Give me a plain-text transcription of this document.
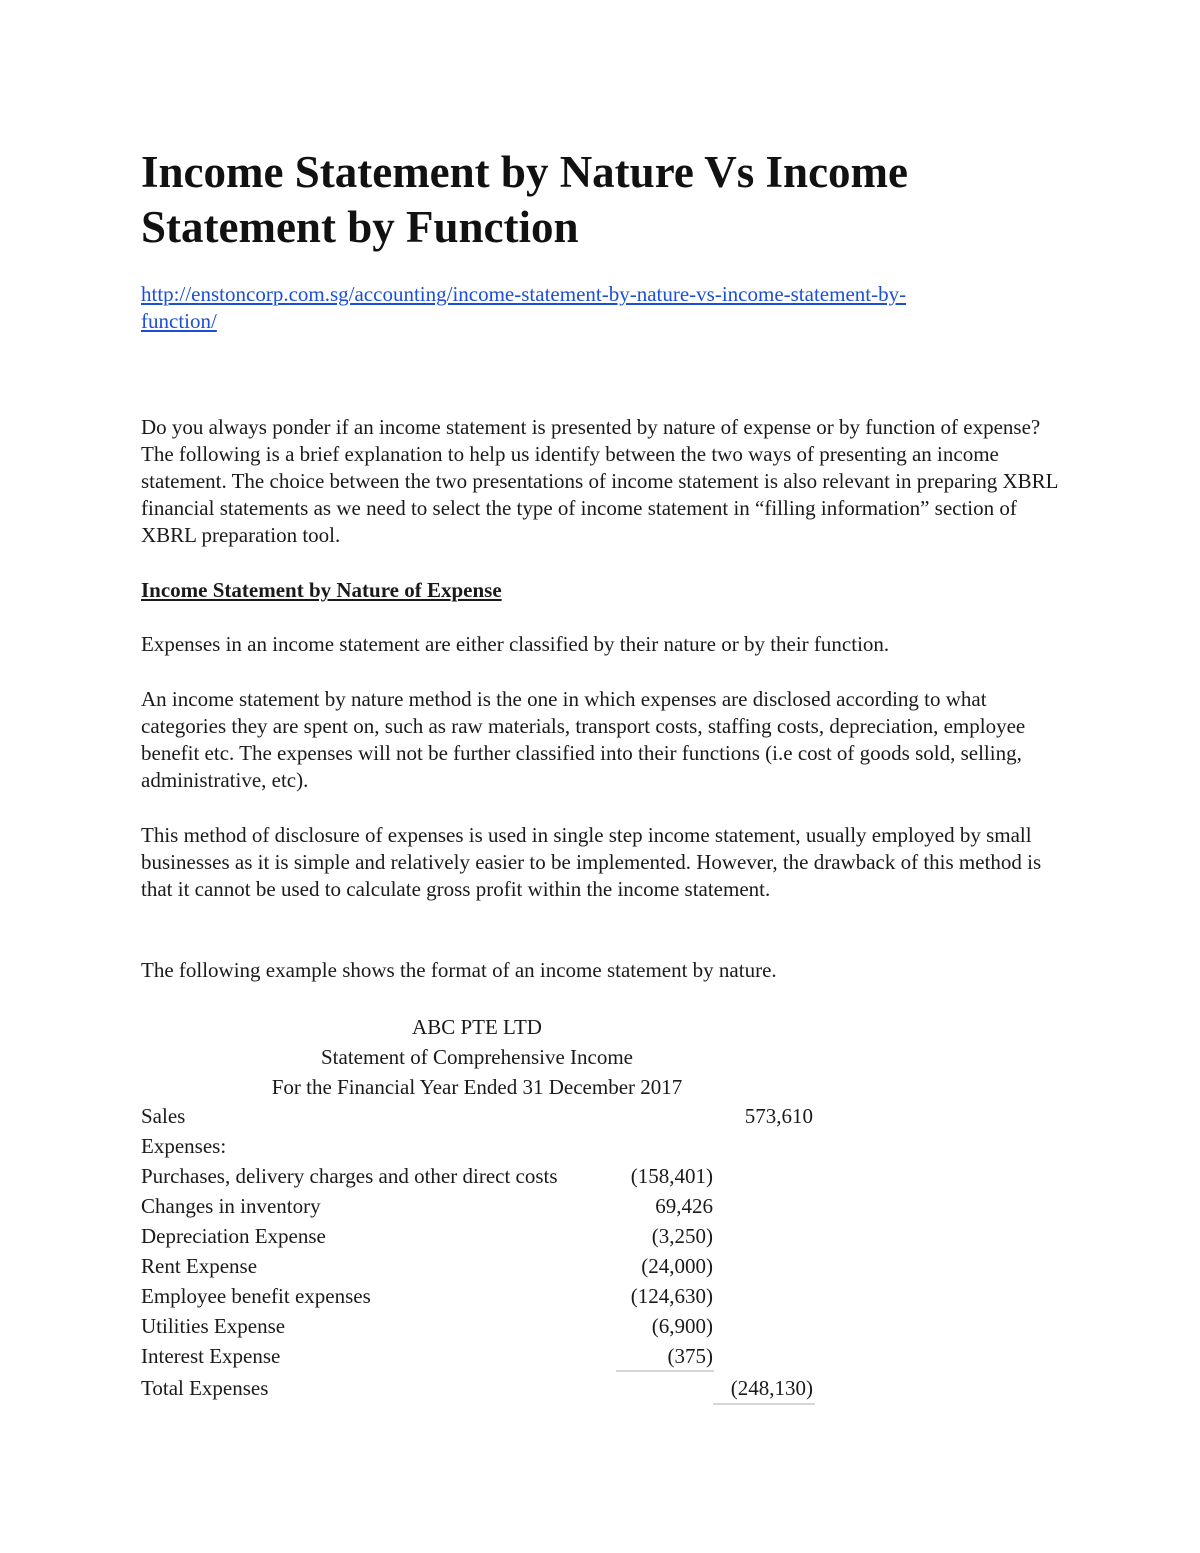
Income Statement by Nature Vs Income Statement by Function
http://enstoncorp.com.sg/accounting/income-statement-by-nature-vs-income-statement-by-
function/

Do you always ponder if an income statement is presented by nature of expense or by function of expense? The following is a brief explanation to help us identify between the two ways of presenting an income statement. The choice between the two presentations of income statement is also relevant in preparing XBRL financial statements as we need to select the type of income statement in “filling information” section of XBRL preparation tool.

Income Statement by Nature of Expense

Expenses in an income statement are either classified by their nature or by their function.

An income statement by nature method is the one in which expenses are disclosed according to what categories they are spent on, such as raw materials, transport costs, staffing costs, depreciation, employee benefit etc. The expenses will not be further classified into their functions (i.e cost of goods sold, selling, administrative, etc).

This method of disclosure of expenses is used in single step income statement, usually employed by small businesses as it is simple and relatively easier to be implemented. However, the drawback of this method is that it cannot be used to calculate gross profit within the income statement.

The following example shows the format of an income statement by nature.

ABC PTE LTD
Statement of Comprehensive Income
For the Financial Year Ended 31 December 2017
Sales	573,610
Expenses:
Purchases, delivery charges and other direct costs	(158,401)
Changes in inventory	69,426
Depreciation Expense	(3,250)
Rent Expense	(24,000)
Employee benefit expenses	(124,630)
Utilities Expense	(6,900)
Interest Expense	(375)
Total Expenses	(248,130)
